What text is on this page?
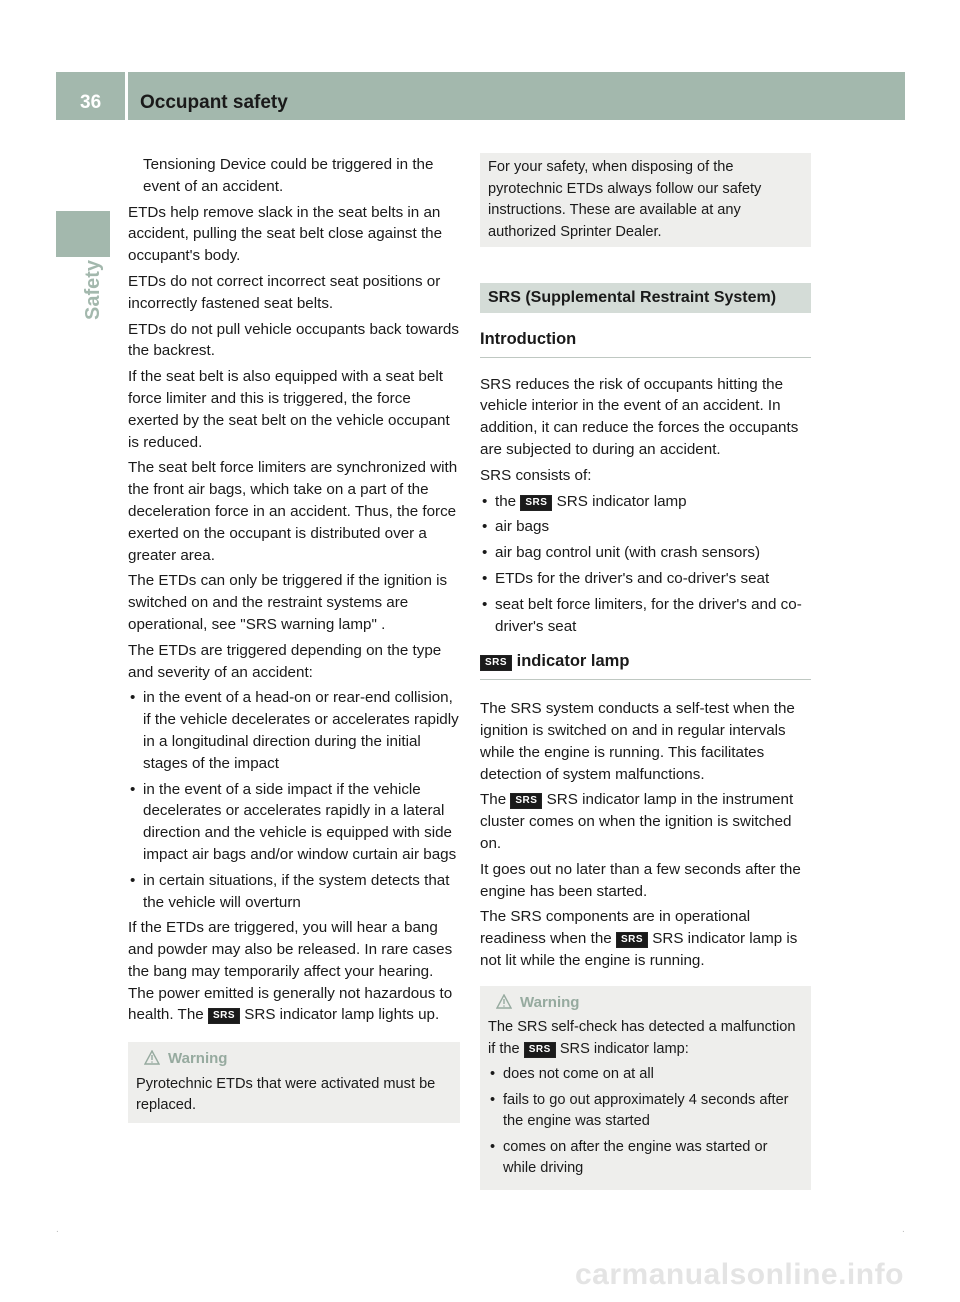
36 Occupant safety
Safety

Tensioning Device could be triggered in the event of an accident.

ETDs help remove slack in the seat belts in an accident, pulling the seat belt close against the occupant's body.

ETDs do not correct incorrect seat positions or incorrectly fastened seat belts.

ETDs do not pull vehicle occupants back towards the backrest.

If the seat belt is also equipped with a seat belt force limiter and this is triggered, the force exerted by the seat belt on the vehicle occupant is reduced.

The seat belt force limiters are synchronized with the front air bags, which take on a part of the deceleration force in an accident. Thus, the force exerted on the occupant is distributed over a greater area.

The ETDs can only be triggered if the ignition is switched on and the restraint systems are operational, see "SRS warning lamp" .

The ETDs are triggered depending on the type and severity of an accident:

• in the event of a head-on or rear-end collision, if the vehicle decelerates or accelerates rapidly in a longitudinal direction during the initial stages of the impact
• in the event of a side impact if the vehicle decelerates or accelerates rapidly in a lateral direction and the vehicle is equipped with side impact air bags and/or window curtain air bags
• in certain situations, if the system detects that the vehicle will overturn

If the ETDs are triggered, you will hear a bang and powder may also be released. In rare cases the bang may temporarily affect your hearing. The power emitted is generally not hazardous to health. The SRS SRS indicator lamp lights up.

Warning

Pyrotechnic ETDs that were activated must be replaced.

For your safety, when disposing of the pyrotechnic ETDs always follow our safety instructions. These are available at any authorized Sprinter Dealer.

SRS (Supplemental Restraint System)

Introduction

SRS reduces the risk of occupants hitting the vehicle interior in the event of an accident. In addition, it can reduce the forces the occupants are subjected to during an accident.

SRS consists of:

• the SRS SRS indicator lamp
• air bags
• air bag control unit (with crash sensors)
• ETDs for the driver's and co-driver's seat
• seat belt force limiters, for the driver's and co-driver's seat

SRS indicator lamp

The SRS system conducts a self-test when the ignition is switched on and in regular intervals while the engine is running. This facilitates detection of system malfunctions.

The SRS SRS indicator lamp in the instrument cluster comes on when the ignition is switched on.

It goes out no later than a few seconds after the engine has been started.

The SRS components are in operational readiness when the SRS SRS indicator lamp is not lit while the engine is running.

Warning

The SRS self-check has detected a malfunction if the SRS SRS indicator lamp:

• does not come on at all
• fails to go out approximately 4 seconds after the engine was started
• comes on after the engine was started or while driving
.	.
carmanualsonline.info
